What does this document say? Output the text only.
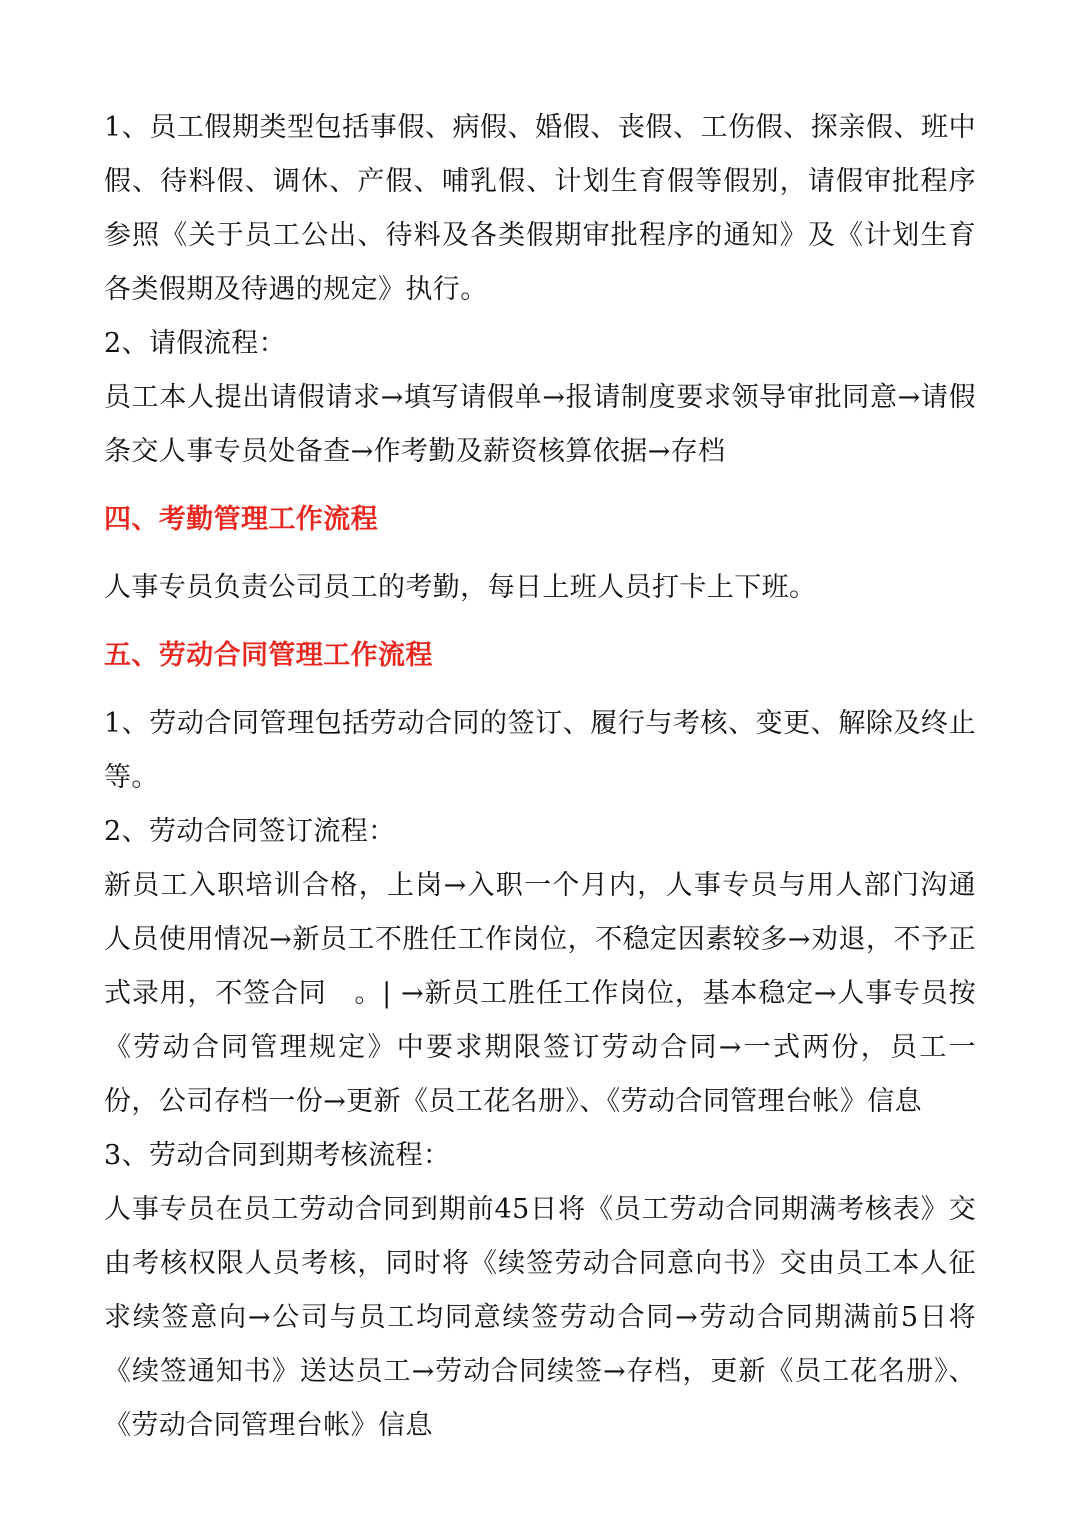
1、员工假期类型包括事假、病假、婚假、丧假、工伤假、探亲假、班中假、待料假、调休、产假、哺乳假、计划生育假等假别，请假审批程序参照《关于员工公出、待料及各类假期审批程序的通知》及《计划生育各类假期及待遇的规定》执行。

2、请假流程：

员工本人提出请假请求→填写请假单→报请制度要求领导审批同意→请假条交人事专员处备查→作考勤及薪资核算依据→存档

四、考勤管理工作流程

人事专员负责公司员工的考勤，每日上班人员打卡上下班。

五、劳动合同管理工作流程

1、劳动合同管理包括劳动合同的签订、履行与考核、变更、解除及终止等。

2、劳动合同签订流程：

新员工入职培训合格，上岗→入职一个月内，人事专员与用人部门沟通人员使用情况→新员工不胜任工作岗位，不稳定因素较多→劝退，不予正式录用，不签合同　。| →新员工胜任工作岗位，基本稳定→人事专员按《劳动合同管理规定》中要求期限签订劳动合同→一式两份，员工一份，公司存档一份→更新《员工花名册》、《劳动合同管理台帐》信息

3、劳动合同到期考核流程：

人事专员在员工劳动合同到期前45日将《员工劳动合同期满考核表》交由考核权限人员考核，同时将《续签劳动合同意向书》交由员工本人征求续签意向→公司与员工均同意续签劳动合同→劳动合同期满前5日将《续签通知书》送达员工→劳动合同续签→存档，更新《员工花名册》、《劳动合同管理台帐》信息
